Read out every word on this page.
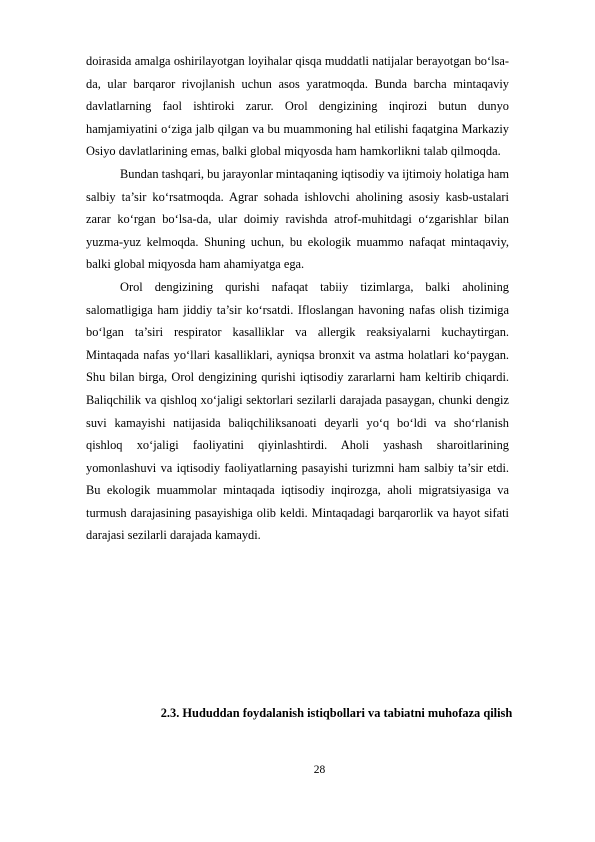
doirasida amalga oshirilayotgan loyihalar qisqa muddatli natijalar berayotgan bo‘lsa-da, ular barqaror rivojlanish uchun asos yaratmoqda. Bunda barcha mintaqaviy davlatlarning faol ishtiroki zarur. Orol dengizining inqirozi butun dunyo hamjamiyatini o‘ziga jalb qilgan va bu muammoning hal etilishi faqatgina Markaziy Osiyo davlatlarining emas, balki global miqyosda ham hamkorlikni talab qilmoqda.

Bundan tashqari, bu jarayonlar mintaqaning iqtisodiy va ijtimoiy holatiga ham salbiy ta’sir ko‘rsatmoqda. Agrar sohada ishlovchi aholining asosiy kasb-ustalari zarar ko‘rgan bo‘lsa-da, ular doimiy ravishda atrof-muhitdagi o‘zgarishlar bilan yuzma-yuz kelmoqda. Shuning uchun, bu ekologik muammo nafaqat mintaqaviy, balki global miqyosda ham ahamiyatga ega.

Orol dengizining qurishi nafaqat tabiiy tizimlarga, balki aholining salomatligiga ham jiddiy ta’sir ko‘rsatdi. Ifloslangan havoning nafas olish tizimiga bo‘lgan ta’siri respirator kasalliklar va allergik reaksiyalarni kuchaytirgan. Mintaqada nafas yo‘llari kasalliklari, ayniqsa bronxit va astma holatlari ko‘paygan. Shu bilan birga, Orol dengizining qurishi iqtisodiy zararlarni ham keltirib chiqardi. Baliqchilik va qishloq xo‘jaligi sektorlari sezilarli darajada pasaygan, chunki dengiz suvi kamayishi natijasida baliqchiliksanoati deyarli yo‘q bo‘ldi va sho‘rlanish qishloq xo‘jaligi faoliyatini qiyinlashtirdi. Aholi yashash sharoitlarining yomonlashuvi va iqtisodiy faoliyatlarning pasayishi turizmni ham salbiy ta’sir etdi. Bu ekologik muammolar mintaqada iqtisodiy inqirozga, aholi migratsiyasiga va turmush darajasining pasayishiga olib keldi. Mintaqadagi barqarorlik va hayot sifati darajasi sezilarli darajada kamaydi.

2.3. Hududdan foydalanish istiqbollari va tabiatni muhofaza qilish
28
